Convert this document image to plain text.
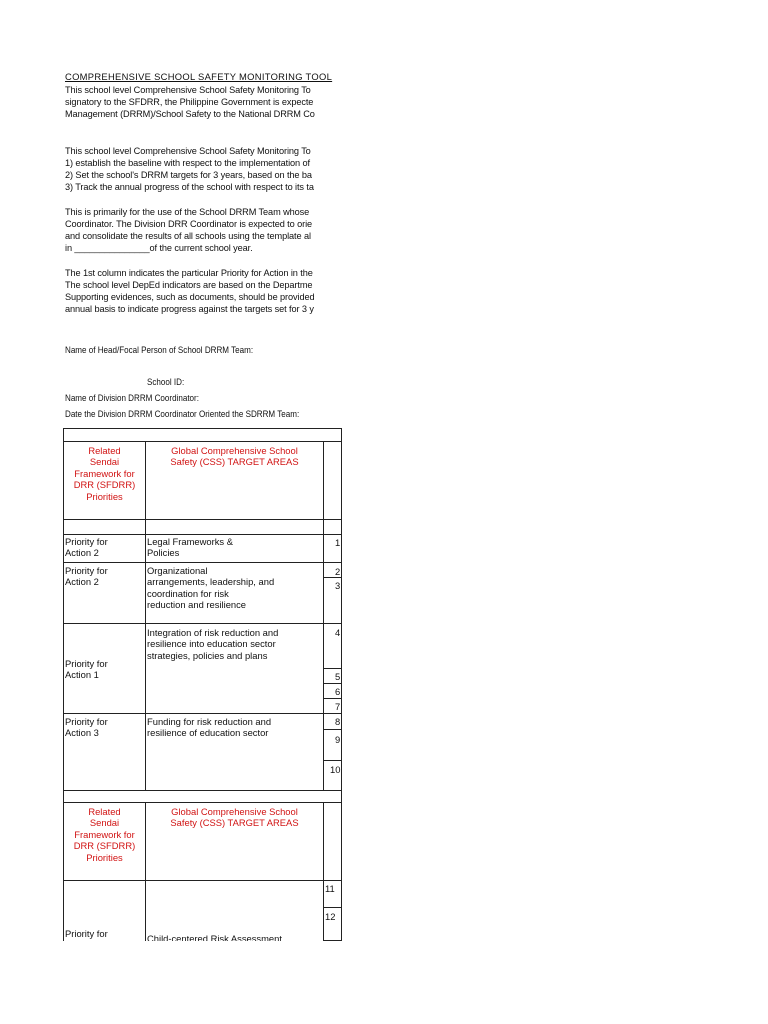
COMPREHENSIVE SCHOOL SAFETY MONITORING TOOL
This school level Comprehensive School Safety Monitoring To
signatory to the SFDRR, the Philippine Government is expecte
Management (DRRM)/School Safety to the National DRRM Co
This school level Comprehensive School Safety Monitoring To
1) establish the baseline with respect to the implementation of
2) Set the school's DRRM targets for 3 years, based on the ba
3) Track the annual progress of the school with respect to its ta
This is primarily for the use of the School DRRM Team whose
Coordinator. The Division DRR Coordinator is expected to orie
and consolidate the results of all schools using the template al
in _______________of the current school year.
The 1st column indicates the particular Priority for Action in the
The school level DepEd indicators are based on the Departme
Supporting evidences, such as documents, should be provided
annual basis to indicate progress against the targets set for 3 y
Name of Head/Focal Person of School DRRM Team:
School ID:
Name of Division DRRM Coordinator:
Date the Division DRRM Coordinator Oriented the SDRRM Team:
Related
Sendai
Framework for
DRR (SFDRR)
Priorities
Global Comprehensive School
Safety (CSS) TARGET AREAS
Priority for
Action 2
Legal Frameworks &
Policies
1
Priority for
Action 2
Organizational
arrangements, leadership, and
coordination for risk
reduction and resilience
2
3
Priority for
Action 1
Integration of risk reduction and
resilience into education sector
strategies, policies and plans
4
5
6
7
Priority for
Action 3
Funding for risk reduction and
resilience of education sector
8
9
10
Related
Sendai
Framework for
DRR (SFDRR)
Priorities
Global Comprehensive School
Safety (CSS) TARGET AREAS
Priority for	Child-centered Risk Assessment
11
12
